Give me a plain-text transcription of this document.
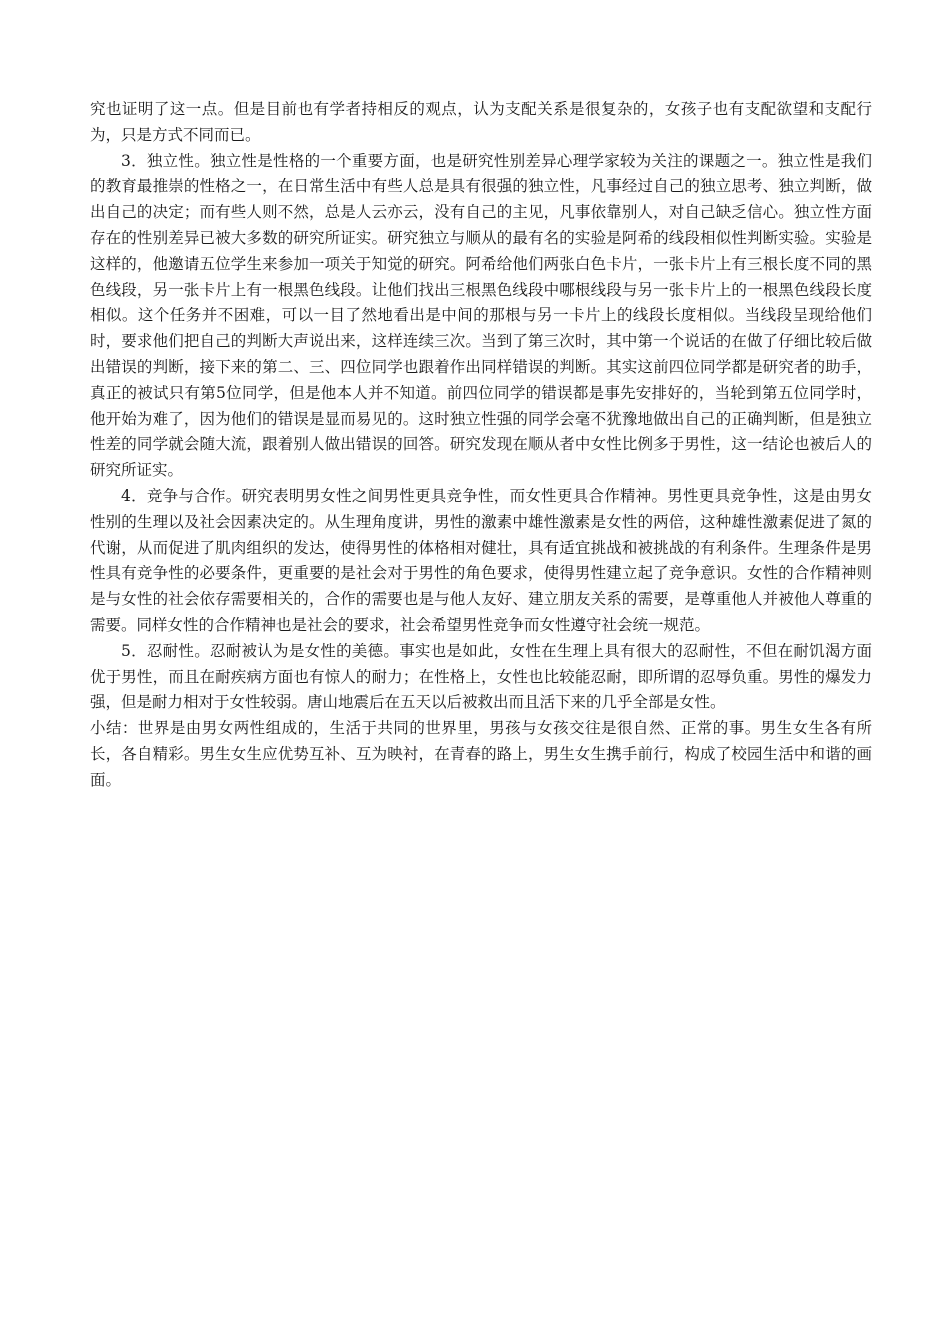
究也证明了这一点。但是目前也有学者持相反的观点，认为支配关系是很复杂的，女孩子也有支配欲望和支配行为，只是方式不同而已。

3．独立性。独立性是性格的一个重要方面，也是研究性别差异心理学家较为关注的课题之一。独立性是我们的教育最推崇的性格之一，在日常生活中有些人总是具有很强的独立性，凡事经过自己的独立思考、独立判断，做出自己的决定；而有些人则不然，总是人云亦云，没有自己的主见，凡事依靠别人，对自己缺乏信心。独立性方面存在的性别差异已被大多数的研究所证实。研究独立与顺从的最有名的实验是阿希的线段相似性判断实验。实验是这样的，他邀请五位学生来参加一项关于知觉的研究。阿希给他们两张白色卡片，一张卡片上有三根长度不同的黑色线段，另一张卡片上有一根黑色线段。让他们找出三根黑色线段中哪根线段与另一张卡片上的一根黑色线段长度相似。这个任务并不困难，可以一目了然地看出是中间的那根与另一卡片上的线段长度相似。当线段呈现给他们时，要求他们把自己的判断大声说出来，这样连续三次。当到了第三次时，其中第一个说话的在做了仔细比较后做出错误的判断，接下来的第二、三、四位同学也跟着作出同样错误的判断。其实这前四位同学都是研究者的助手，真正的被试只有第5位同学，但是他本人并不知道。前四位同学的错误都是事先安排好的，当轮到第五位同学时，他开始为难了，因为他们的错误是显而易见的。这时独立性强的同学会毫不犹豫地做出自己的正确判断，但是独立性差的同学就会随大流，跟着别人做出错误的回答。研究发现在顺从者中女性比例多于男性，这一结论也被后人的研究所证实。

4．竞争与合作。研究表明男女性之间男性更具竞争性，而女性更具合作精神。男性更具竞争性，这是由男女性别的生理以及社会因素决定的。从生理角度讲，男性的激素中雄性激素是女性的两倍，这种雄性激素促进了氮的代谢，从而促进了肌肉组织的发达，使得男性的体格相对健壮，具有适宜挑战和被挑战的有利条件。生理条件是男性具有竞争性的必要条件，更重要的是社会对于男性的角色要求，使得男性建立起了竞争意识。女性的合作精神则是与女性的社会依存需要相关的，合作的需要也是与他人友好、建立朋友关系的需要，是尊重他人并被他人尊重的需要。同样女性的合作精神也是社会的要求，社会希望男性竞争而女性遵守社会统一规范。

5．忍耐性。忍耐被认为是女性的美德。事实也是如此，女性在生理上具有很大的忍耐性，不但在耐饥渴方面优于男性，而且在耐疾病方面也有惊人的耐力；在性格上，女性也比较能忍耐，即所谓的忍辱负重。男性的爆发力强，但是耐力相对于女性较弱。唐山地震后在五天以后被救出而且活下来的几乎全部是女性。

小结：世界是由男女两性组成的，生活于共同的世界里，男孩与女孩交往是很自然、正常的事。男生女生各有所长，各自精彩。男生女生应优势互补、互为映衬，在青春的路上，男生女生携手前行，构成了校园生活中和谐的画面。
